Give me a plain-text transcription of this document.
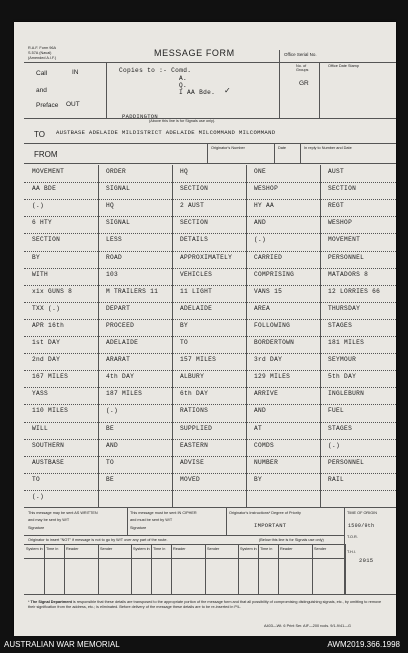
R.A.F. Form 96A
S.57A (Naval)
(Amended A.I.F.)	MESSAGE FORM	Office Serial No.
No. of Groups
GR
Office Date Stamp
Call	IN
and
Preface OUT
Copies to :- Comd.
A.
Q.
I AA Bde. ✓
(Above this line is for Signals use only).
PADDINGTON
TO AUSTBASE ADELAIDE MILDISTRICT ADELAIDE MILCOMMAND MILCOMMAND
FROM
Originator's Number	Date	In reply to Number and Date
MOVEMENT	ORDER	HQ	ONE	AUST
AA BDE	SIGNAL	SECTION	WESHOP	SECTION
(.)	HQ	2 AUST	HY AA	REGT
6 HTY	SIGNAL	SECTION	AND	WESHOP
SECTION	LESS	DETAILS	(.)	MOVEMENT
BY	ROAD	APPROXIMATELY	CARRIED	PERSONNEL
WITH	103	VEHICLES	COMPRISING	MATADORS 8
xix GUNS 8	M TRAILERS 11	11 LIGHT	VANS 15	12 LORRIES 66
TXX (.)	DEPART	ADELAIDE	AREA	THURSDAY
APR 16th	PROCEED	BY	FOLLOWING	STAGES
1st DAY	ADELAIDE	TO	BORDERTOWN	181 MILES
2nd DAY	ARARAT	157 MILES	3rd DAY	SEYMOUR
167 MILES	4th DAY	ALBURY	129 MILES	5th DAY
YASS	187 MILES	6th DAY	ARRIVE	INGLEBURN
110 MILES	(.)	RATIONS	AND	FUEL
WILL	BE	SUPPLIED	AT	STAGES
SOUTHERN	AND	EASTERN	COMDS	(.)
AUSTBASE	TO	ADVISE	NUMBER	PERSONNEL
TO	BE	MOVED	BY	RAIL
(.)
This message may be sent AS WRITTEN
and may be sent by W/T
Signature
This message must be sent IN CIPHER
and must be sent by W/T
Signature
Originator's Instructions* Degree of Priority
IMPORTANT
TIME OF ORIGIN
1500/9th
T.O.R.
T.H.I.
2015
Originator to insert "NOT" if message is not to go by W/T over any part of the route.	(Below this line is for Signals use only)
System in Time in	Reader	Sender	System in Time in	Reader	Sender	System in Time in	Reader	Sender
* The Signal Department is responsible that these details are transposed to the appropriate portion of the message form and that all possibility of compromising distinguishing signals, etc., by omitting to remove their signification from the address, etc.; is eliminated. Before delivery of the message these details are to be re-inserted in P/L.
A403—Wt. 6 Print Ser. AIF—200 rcols. 9/1-9/41—G
AUSTRALIAN WAR MEMORIAL	AWM2019.366.1998
